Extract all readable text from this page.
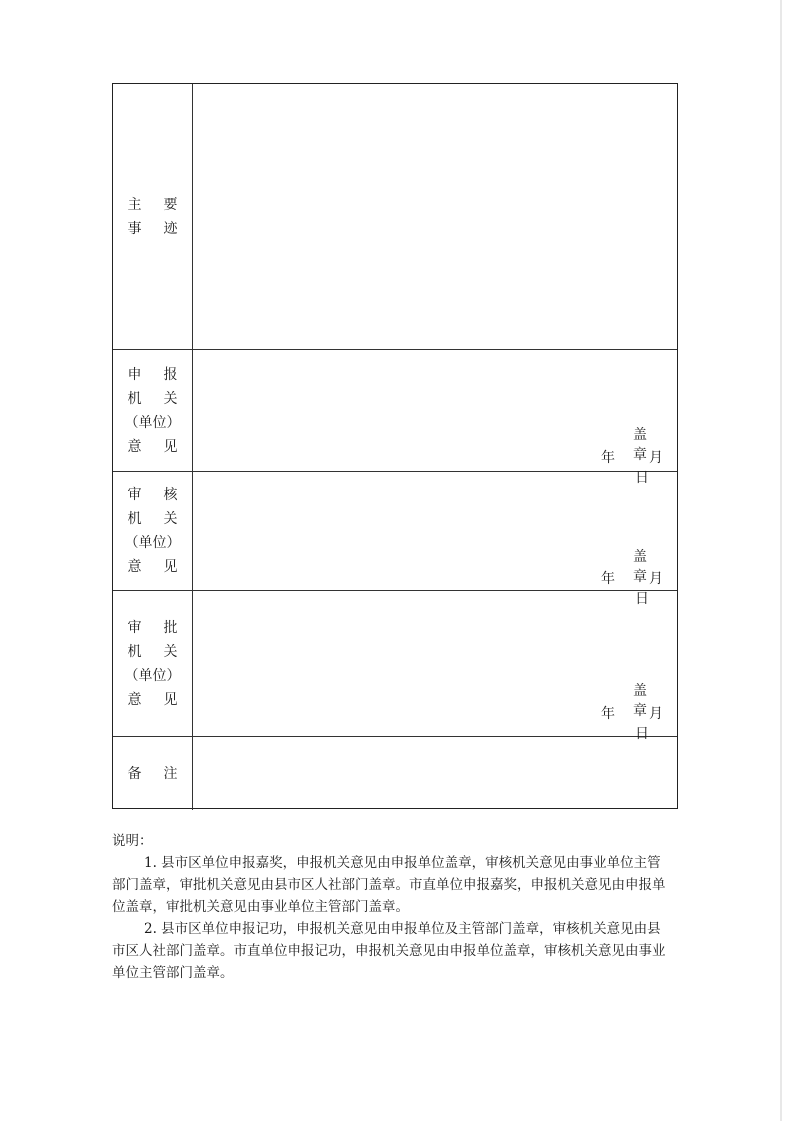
主 要
事 迹
申 报
机 关
（单位）
意 见
盖章
年 月日
审 核
机 关
（单位）
意 见
盖章
年 月日
审 批
机 关
（单位）
意 见
盖章
年 月日
备 注

说明：

1. 县市区单位申报嘉奖，申报机关意见由申报单位盖章，审核机关意见由事业单位主管部门盖章，审批机关意见由县市区人社部门盖章。市直单位申报嘉奖，申报机关意见由申报单位盖章，审批机关意见由事业单位主管部门盖章。

2. 县市区单位申报记功，申报机关意见由申报单位及主管部门盖章，审核机关意见由县市区人社部门盖章。市直单位申报记功，申报机关意见由申报单位盖章，审核机关意见由事业单位主管部门盖章。
